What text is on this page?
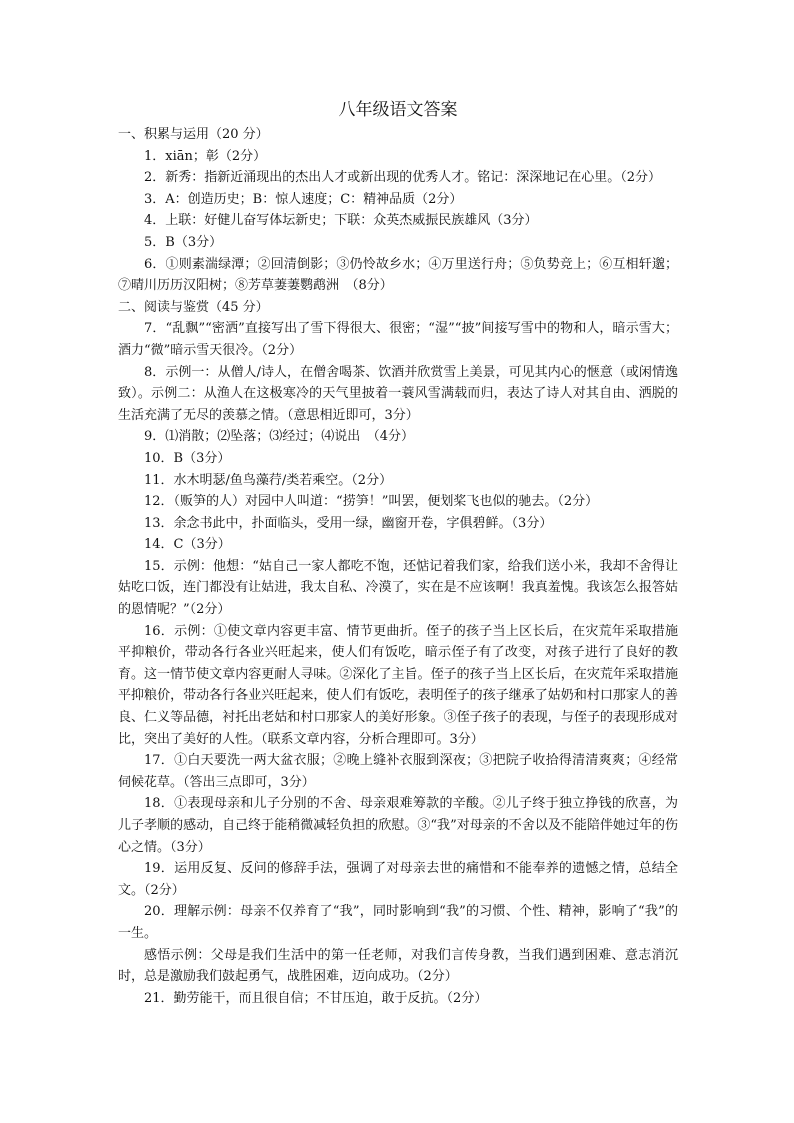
八年级语文答案

一、积累与运用（20 分）

1．xiān；彰（2分）

2．新秀：指新近涌现出的杰出人才或新出现的优秀人才。铭记：深深地记在心里。（2分）

3．A：创造历史；B：惊人速度；C：精神品质（2分）

4．上联：好健儿奋写体坛新史；下联：众英杰威振民族雄风（3分）

5．B（3分）

6．①则素湍绿潭；②回清倒影；③仍怜故乡水；④万里送行舟；⑤负势竞上；⑥互相轩邈；⑦晴川历历汉阳树；⑧芳草萋萋鹦鹉洲　（8分）

二、阅读与鉴赏（45 分）

7．“乱飘”“密洒”直接写出了雪下得很大、很密；“湿”“披”间接写雪中的物和人，暗示雪大；酒力“微”暗示雪天很冷。（2分）

8．示例一：从僧人/诗人，在僧舍喝茶、饮酒并欣赏雪上美景，可见其内心的惬意（或闲情逸致）。示例二：从渔人在这极寒冷的天气里披着一蓑风雪满载而归，表达了诗人对其自由、洒脱的生活充满了无尽的羡慕之情。（意思相近即可，3分）

9．⑴消散；⑵坠落；⑶经过；⑷说出　（4分）

10．B（3分）

11．水木明瑟/鱼鸟藻荇/类若乘空。（2分）

12．（贩笋的人）对园中人叫道：“捞笋！”叫罢，便划桨飞也似的驰去。（2分）

13．余念书此中，扑面临头，受用一绿，幽窗开卷，字俱碧鲜。（3分）

14．C（3分）

15．示例：他想：“姑自己一家人都吃不饱，还惦记着我们家，给我们送小米，我却不舍得让姑吃口饭，连门都没有让姑进，我太自私、冷漠了，实在是不应该啊！我真羞愧。我该怎么报答姑的恩情呢？”（2分）

16．示例：①使文章内容更丰富、情节更曲折。侄子的孩子当上区长后，在灾荒年采取措施平抑粮价，带动各行各业兴旺起来，使人们有饭吃，暗示侄子有了改变，对孩子进行了良好的教育。这一情节使文章内容更耐人寻味。②深化了主旨。侄子的孩子当上区长后，在灾荒年采取措施平抑粮价，带动各行各业兴旺起来，使人们有饭吃，表明侄子的孩子继承了姑奶和村口那家人的善良、仁义等品德，衬托出老姑和村口那家人的美好形象。③侄子孩子的表现，与侄子的表现形成对比，突出了美好的人性。（联系文章内容，分析合理即可。3分）

17．①白天要洗一两大盆衣服；②晚上缝补衣服到深夜；③把院子收拾得清清爽爽；④经常伺候花草。（答出三点即可，3分）

18．①表现母亲和儿子分别的不舍、母亲艰难筹款的辛酸。②儿子终于独立挣钱的欣喜，为儿子孝顺的感动，自己终于能稍微减轻负担的欣慰。③“我”对母亲的不舍以及不能陪伴她过年的伤心之情。（3分）

19．运用反复、反问的修辞手法，强调了对母亲去世的痛惜和不能奉养的遗憾之情，总结全文。（2分）

20．理解示例：母亲不仅养育了“我”，同时影响到“我”的习惯、个性、精神，影响了“我”的一生。

感悟示例：父母是我们生活中的第一任老师，对我们言传身教，当我们遇到困难、意志消沉时，总是激励我们鼓起勇气，战胜困难，迈向成功。（2分）

21．勤劳能干，而且很自信；不甘压迫，敢于反抗。（2分）
